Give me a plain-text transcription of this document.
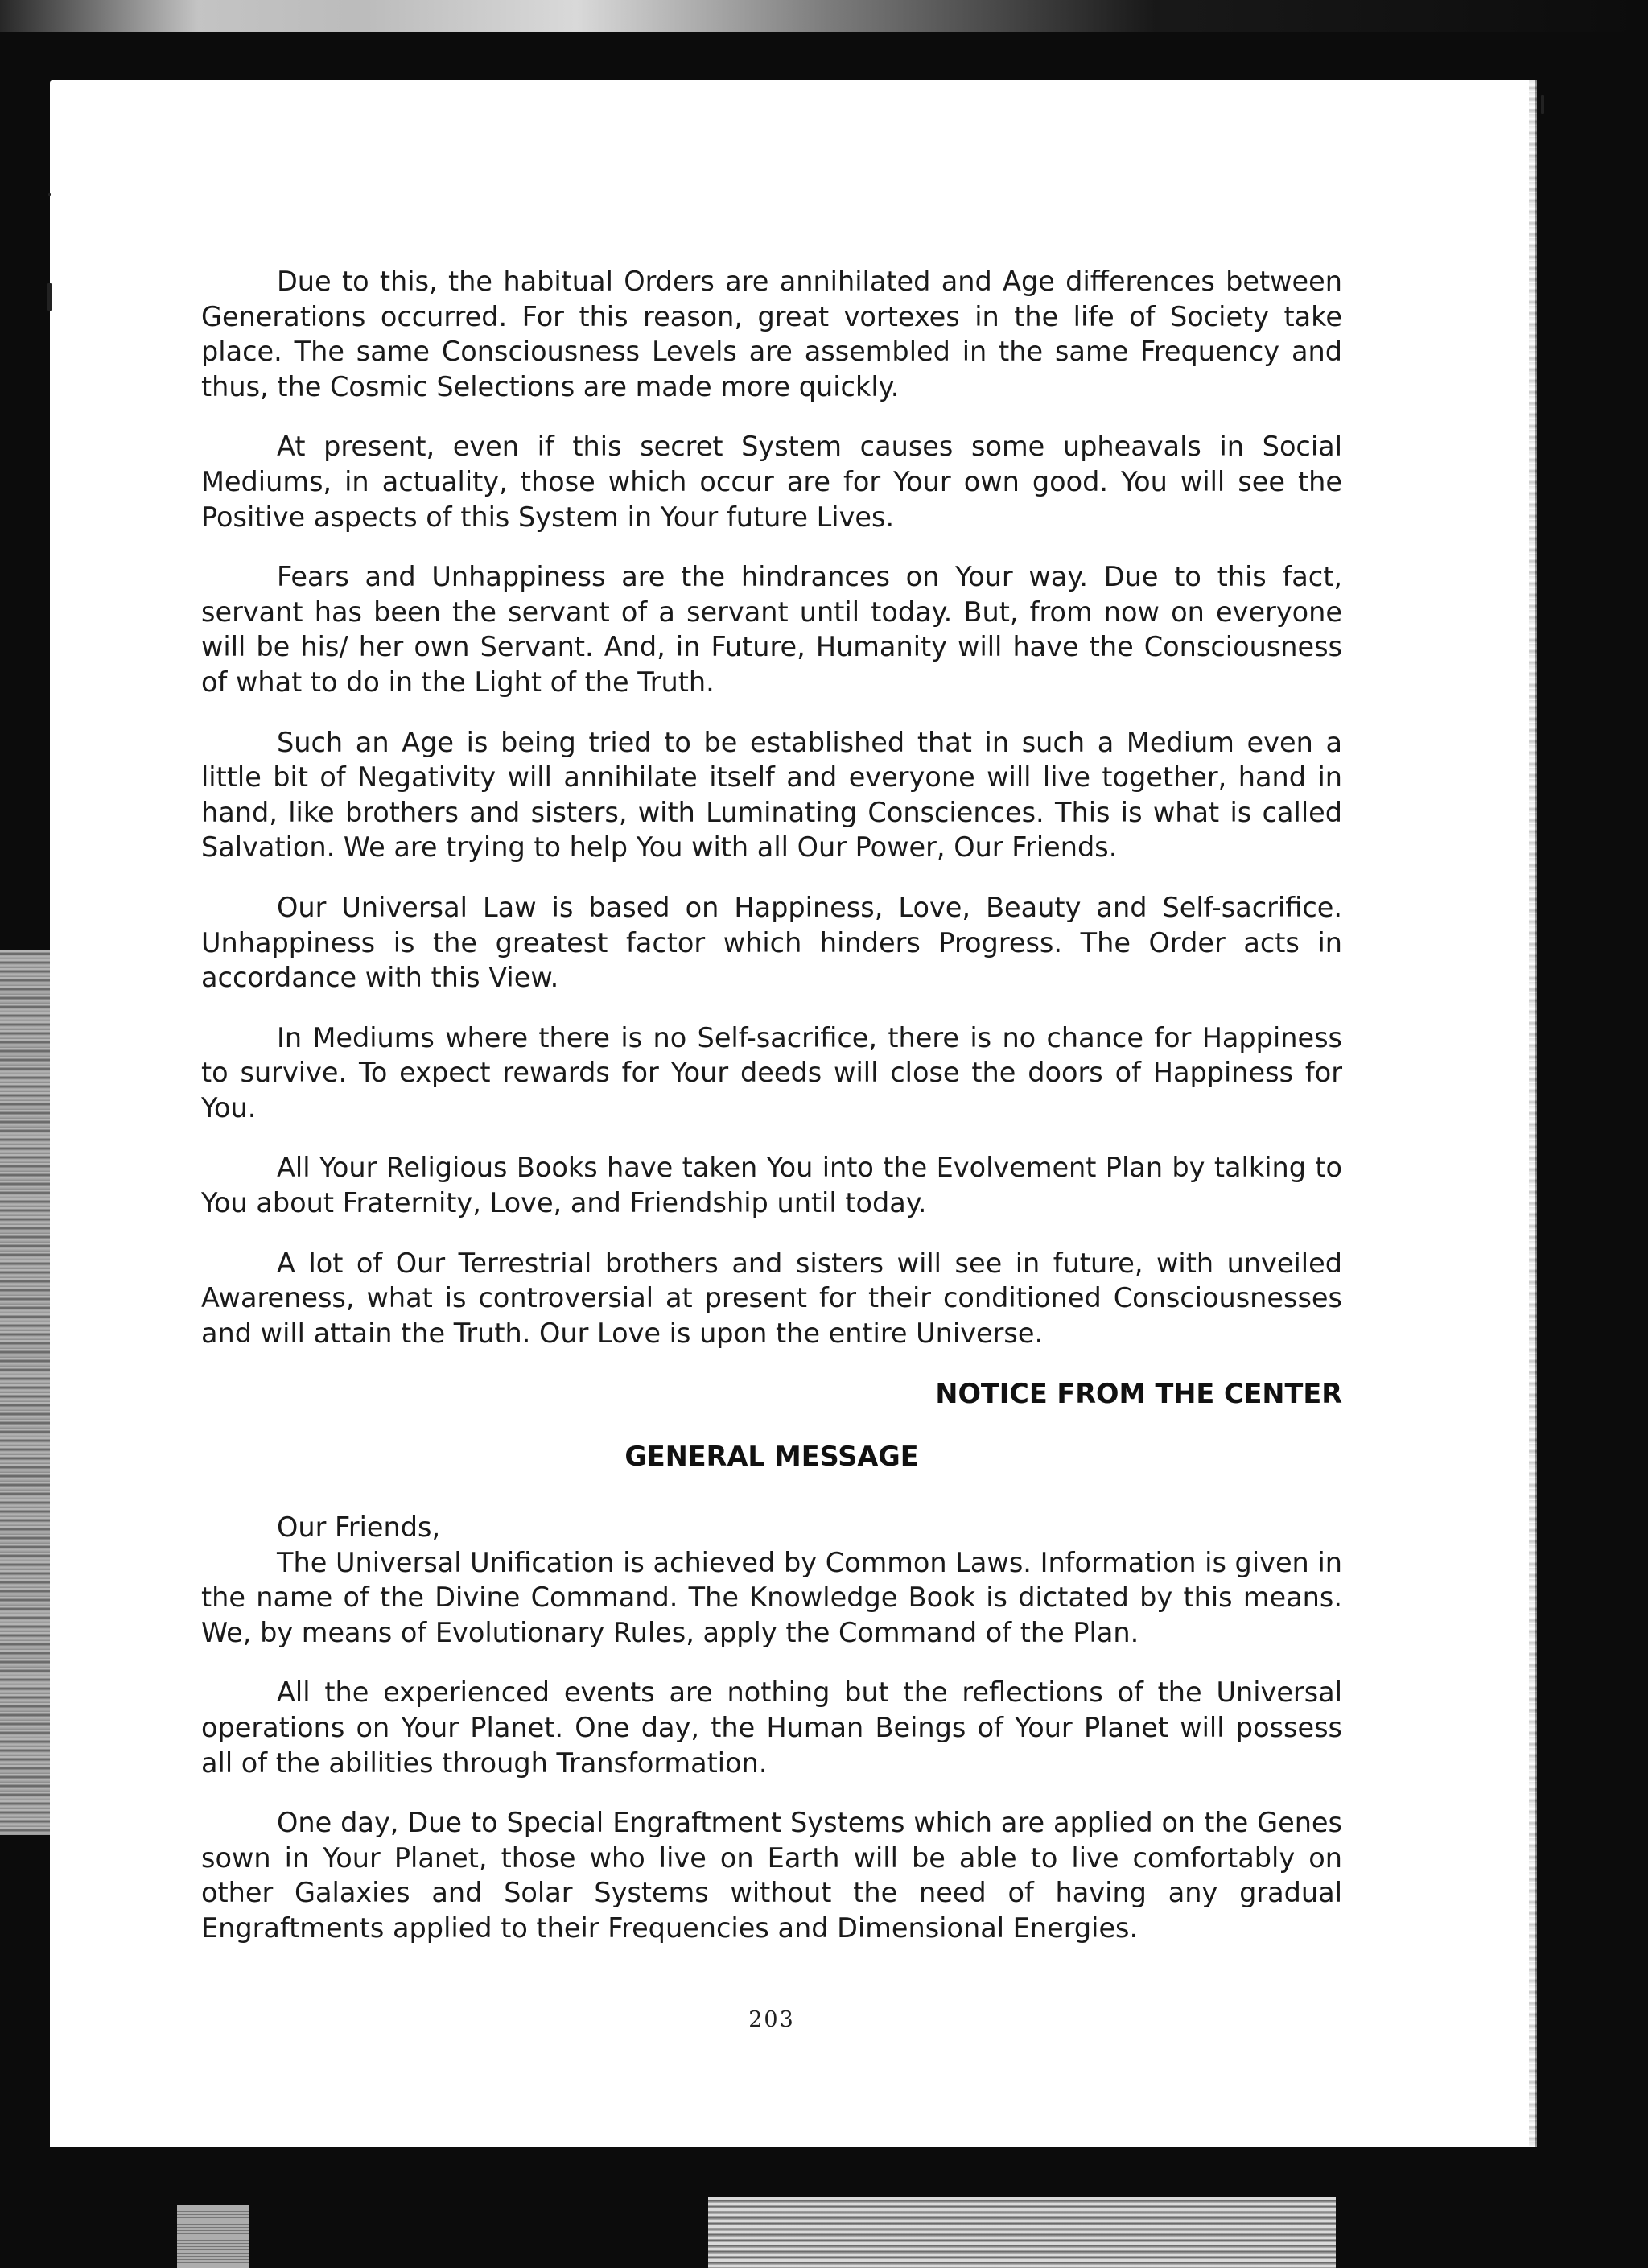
Due to this, the habitual Orders are annihilated and Age differences between Generations occurred. For this reason, great vortexes in the life of Society take place. The same Consciousness Levels are assembled in the same Frequency and thus, the Cosmic Selections are made more quickly.

At present, even if this secret System causes some upheavals in Social Mediums, in actuality, those which occur are for Your own good. You will see the Positive aspects of this System in Your future Lives.

Fears and Unhappiness are the hindrances on Your way. Due to this fact, servant has been the servant of a servant until today. But, from now on everyone will be his/ her own Servant. And, in Future, Humanity will have the Consciousness of what to do in the Light of the Truth.

Such an Age is being tried to be established that in such a Medium even a little bit of Negativity will annihilate itself and everyone will live together, hand in hand, like brothers and sisters, with Luminating Consciences. This is what is called Salvation. We are trying to help You with all Our Power, Our Friends.

Our Universal Law is based on Happiness, Love, Beauty and Self-sacrifice. Unhappiness is the greatest factor which hinders Progress. The Order acts in accordance with this View.

In Mediums where there is no Self-sacrifice, there is no chance for Happiness to survive. To expect rewards for Your deeds will close the doors of Happiness for You.

All Your Religious Books have taken You into the Evolvement Plan by talking to You about Fraternity, Love, and Friendship until today.

A lot of Our Terrestrial brothers and sisters will see in future, with unveiled Awareness, what is controversial at present for their conditioned Consciousnesses and will attain the Truth. Our Love is upon the entire Universe.

NOTICE FROM THE CENTER
GENERAL MESSAGE
Our Friends,

The Universal Unification is achieved by Common Laws. Information is given in the name of the Divine Command. The Knowledge Book is dictated by this means. We, by means of Evolutionary Rules, apply the Command of the Plan.

All the experienced events are nothing but the reflections of the Universal operations on Your Planet. One day, the Human Beings of Your Planet will possess all of the abilities through Transformation.

One day, Due to Special Engraftment Systems which are applied on the Genes sown in Your Planet, those who live on Earth will be able to live comfortably on other Galaxies and Solar Systems without the need of having any gradual Engraftments applied to their Frequencies and Dimensional Energies.

203
